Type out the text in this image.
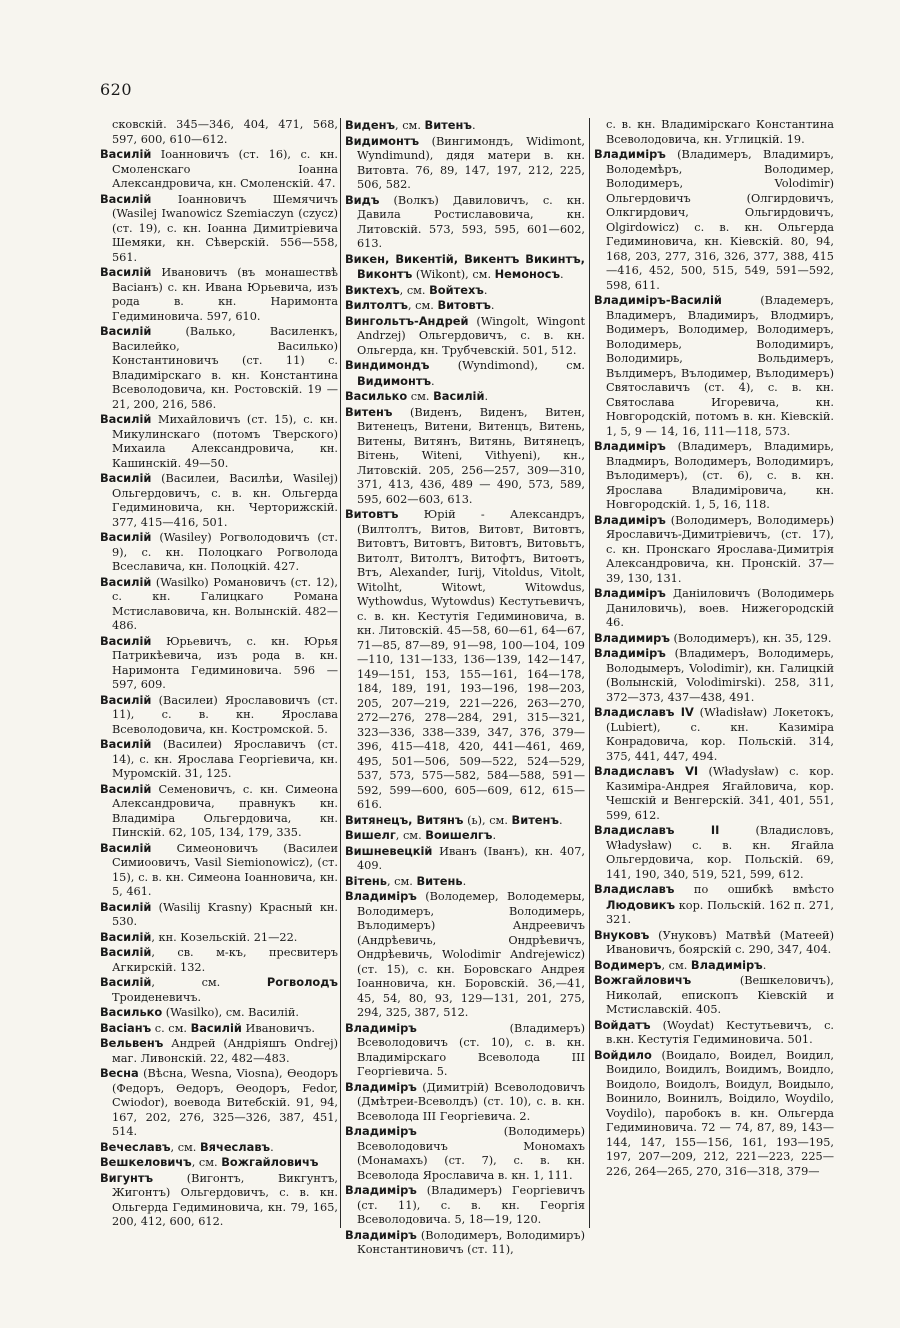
620

сковскій. 345—346, 404, 471, 568, 597, 600, 610—612.

Василій Іоанновичъ (ст. 16), с. кн. Смоленскаго Іоанна Александровича, кн. Смоленскій. 47.

Василій Іоанновичъ Шемячичъ (Wasilej Iwanowicz Szemiaczyn (czycz) (ст. 19), с. кн. Іоанна Димитріевича Шемяки, кн. Сѣверскій. 556—558, 561.

Василій Ивановичъ (въ монашествѣ Васіанъ) с. кн. Ивана Юрьевича, изъ рода в. кн. Наримонта Гедиминовича. 597, 610.

Василій (Валько, Василенкъ, Василейко, Василько) Константиновичъ (ст. 11) с. Владимірскаго в. кн. Константина Всеволодовича, кн. Ростовскій. 19 — 21, 200, 216, 586.

Василій Михайловичъ (ст. 15), с. кн. Микулинскаго (потомъ Тверского) Михаила Александровича, кн. Кашинскій. 49—50.

Василій (Василеи, Василѣи, Wasilej) Ольгердовичъ, с. в. кн. Ольгерда Гедиминовича, кн. Черторижскій. 377, 415—416, 501.

Василій (Wasiley) Рогволодовичъ (ст. 9), с. кн. Полоцкаго Рогволода Всеславича, кн. Полоцкій. 427.

Василій (Wasilko) Романовичъ (ст. 12), с. кн. Галицкаго Романа Мстиславовича, кн. Волынскій. 482—486.

Василій Юрьевичъ, с. кн. Юрья Патрикѣевича, изъ рода в. кн. Наримонта Гедиминовича. 596 — 597, 609.

Василій (Василеи) Ярославовичъ (ст. 11), с. в. кн. Ярослава Всеволодовича, кн. Костромской. 5.

Василій (Василеи) Ярославичъ (ст. 14), с. кн. Ярослава Георгіевича, кн. Муромскій. 31, 125.

Василій Семеновичъ, с. кн. Симеона Александровича, правнукъ кн. Владиміра Ольгердовича, кн. Пинскій. 62, 105, 134, 179, 335.

Василій Симеоновичъ (Василеи Симиоовичъ, Vasil Siemionowicz), (ст. 15), с. в. кн. Симеона Іоанновича, кн. 5, 461.

Василій (Wasilij Krasny) Красный кн. 530.

Василій, кн. Козельскій. 21—22.

Василій, св. м-къ, пресвитеръ Агкирскій. 132.

Василій, см. Рогволодъ Троиденевичъ.

Василько (Wasilko), см. Василій.

Васіанъ с. см. Василій Ивановичъ.

Вельвенъ Андрей (Андріяшъ Ondrej) маг. Ливонскій. 22, 482—483.

Весна (Вѣсна, Wesna, Viosna), Өеодоръ (Федоръ, Өедоръ, Өеодоръ, Fedor, Cwiodor), воевода Витебскій. 91, 94, 167, 202, 276, 325—326, 387, 451, 514.

Вечеславъ, см. Вячеславъ.

Вешкеловичъ, см. Вожгайловичъ

Вигунтъ (Вигонтъ, Викгунтъ, Жигонтъ) Ольгердовичъ, с. в. кн. Ольгерда Гедиминовича, кн. 79, 165, 200, 412, 600, 612.

Виденъ, см. Витенъ.

Видимонтъ (Вингимондъ, Widimont, Wyndimund), дядя матери в. кн. Витовта. 76, 89, 147, 197, 212, 225, 506, 582.

Видъ (Волкъ) Давиловичъ, с. кн. Давила Ростиславовича, кн. Литовскій. 573, 593, 595, 601—602, 613.

Викен, Викентій, Викентъ Викинтъ, Виконтъ (Wikont), см. Немоносъ.

Виктехъ, см. Войтехъ.

Вилтолтъ, см. Витовтъ.

Вингольтъ-Андрей (Wingolt, Wingont Andrzej) Ольгердовичъ, с. в. кн. Ольгерда, кн. Трубчевскій. 501, 512.

Виндимондъ (Wyndimond), см. Видимонтъ.

Василько см. Василій.

Витенъ (Виденъ, Виденъ, Витен, Витенецъ, Витени, Витенцъ, Витень, Витены, Витянъ, Витянь, Витянецъ, Вітень, Witeni, Vithyeni), кн., Литовскій. 205, 256—257, 309—310, 371, 413, 436, 489 — 490, 573, 589, 595, 602—603, 613.

Витовтъ Юрій - Александръ, (Вилтолтъ, Витов, Витовт, Витовтъ, Витовтъ, Витовтъ, Витовтъ, Витовьтъ, Витолт, Витолтъ, Витофтъ, Витоѳтъ, Втъ, Alexander, Iurij, Vitoldus, Vitolt, Witolht, Witowt, Witowdus, Wythowdus, Wytowdus) Кестутьевичъ, с. в. кн. Кестутія Гедиминовича, в. кн. Литовскій. 45—58, 60—61, 64—67, 71—85, 87—89, 91—98, 100—104, 109—110, 131—133, 136—139, 142—147, 149—151, 153, 155—161, 164—178, 184, 189, 191, 193—196, 198—203, 205, 207—219, 221—226, 263—270, 272—276, 278—284, 291, 315—321, 323—336, 338—339, 347, 376, 379—396, 415—418, 420, 441—461, 469, 495, 501—506, 509—522, 524—529, 537, 573, 575—582, 584—588, 591—592, 599—600, 605—609, 612, 615—616.

Витянецъ, Витянъ (ь), см. Витенъ.

Вишелг, см. Воишелгъ.

Вишневецкій Иванъ (Іванъ), кн. 407, 409.

Вітень, см. Витень.

Владиміръ (Володемер, Володемеры, Володимеръ, Володимерь, Вълодимеръ) Андреевичъ (Андрѣевичь, Ондрѣевичъ, Ондрѣевичь, Wolodimir Andrejewicz) (ст. 15), с. кн. Боровскаго Андрея Іоанновича, кн. Боровскій. 36,—41, 45, 54, 80, 93, 129—131, 201, 275, 294, 325, 387, 512.

Владиміръ (Владимеръ) Всеволодовичъ (ст. 10), с. в. кн. Владимірскаго Всеволода III Георгіевича. 5.

Владиміръ (Димитрій) Всеволодовичъ (Дмѣтреи-Всеволдъ) (ст. 10), с. в. кн. Всеволода III Георгіевича. 2.

Владиміръ (Володимерь) Всеволодовичъ Мономахъ (Монамахъ) (ст. 7), с. в. кн. Всеволода Ярославича в. кн. 1, 111.

Владиміръ (Владимеръ) Георгіевичъ (ст. 11), с. в. кн. Георгія Всеволодовича. 5, 18—19, 120.

Владиміръ (Володимеръ, Володимиръ) Константиновичъ (ст. 11),

с. в. кн. Владимірскаго Константина Всеволодовича, кн. Углицкій. 19.

Владиміръ (Владимеръ, Владимиръ, Володемѣръ, Володимер, Володимеръ, Volodimir) Ольгердовичъ (Олгирдовичъ, Олкгирдович, Ольгирдовичъ, Olgirdowicz) с. в. кн. Ольгерда Гедиминовича, кн. Кіевскій. 80, 94, 168, 203, 277, 316, 326, 377, 388, 415—416, 452, 500, 515, 549, 591—592, 598, 611.

Владиміръ-Василій (Владемеръ, Владимеръ, Владимиръ, Влодмиръ, Водимеръ, Володимер, Володимеръ, Володимерь, Володимиръ, Володимирь, Вольдимеръ, Вълдимеръ, Вълодимер, Вълодимеръ) Святославичъ (ст. 4), с. в. кн. Святослава Игоревича, кн. Новгородскій, потомъ в. кн. Кіевскій. 1, 5, 9 — 14, 16, 111—118, 573.

Владиміръ (Владимеръ, Владимирь, Владмиръ, Володимеръ, Володимиръ, Вълодимеръ), (ст. 6), с. в. кн. Ярослава Владиміровича, кн. Новгородскій. 1, 5, 16, 118.

Владиміръ (Володимеръ, Володимерь) Ярославичъ-Димитріевичъ, (ст. 17), с. кн. Пронскаго Ярослава-Димитрія Александровича, кн. Пронскій. 37—39, 130, 131.

Владиміръ Даніиловичъ (Володимерь Даниловичь), воев. Нижегородскій 46.

Владимиръ (Володимеръ), кн. 35, 129.

Владиміръ (Владимеръ, Володимерь, Володымеръ, Volodimir), кн. Галицкій (Волынскій, Volodimirski). 258, 311, 372—373, 437—438, 491.

Владиславъ IV (Władisław) Локетокъ, (Lubiert), с. кн. Казиміра Конрадовича, кор. Польскій. 314, 375, 441, 447, 494.

Владиславъ VI (Władysław) с. кор. Казиміра-Андрея Ягайловича, кор. Чешскій и Венгерскій. 341, 401, 551, 599, 612.

Владиславъ II (Владисловъ, Władysław) с. в. кн. Ягайла Ольгердовича, кор. Польскій. 69, 141, 190, 340, 519, 521, 599, 612.

Владиславъ по ошибкѣ вмѣсто Людовикъ кор. Польскій. 162 п. 271, 321.

Внуковъ (Унуковъ) Матвѣй (Матеей) Ивановичъ, боярскій с. 290, 347, 404.

Водимеръ, см. Владиміръ.

Вожгайловичъ (Вешкеловичъ), Николай, епископъ Кіевскій и Мстиславскій. 405.

Войдатъ (Woydat) Кестутьевичъ, с. в.кн. Кестутія Гедиминовича. 501.

Войдило (Воидало, Воидел, Воидил, Воидило, Воидилъ, Воидимъ, Воидло, Воидоло, Воидолъ, Воидул, Воидыло, Воинило, Воинилъ, Воідило, Woydilo, Voydilo), паробокъ в. кн. Ольгерда Гедиминовича. 72 — 74, 87, 89, 143—144, 147, 155—156, 161, 193—195, 197, 207—209, 212, 221—223, 225—226, 264—265, 270, 316—318, 379—
